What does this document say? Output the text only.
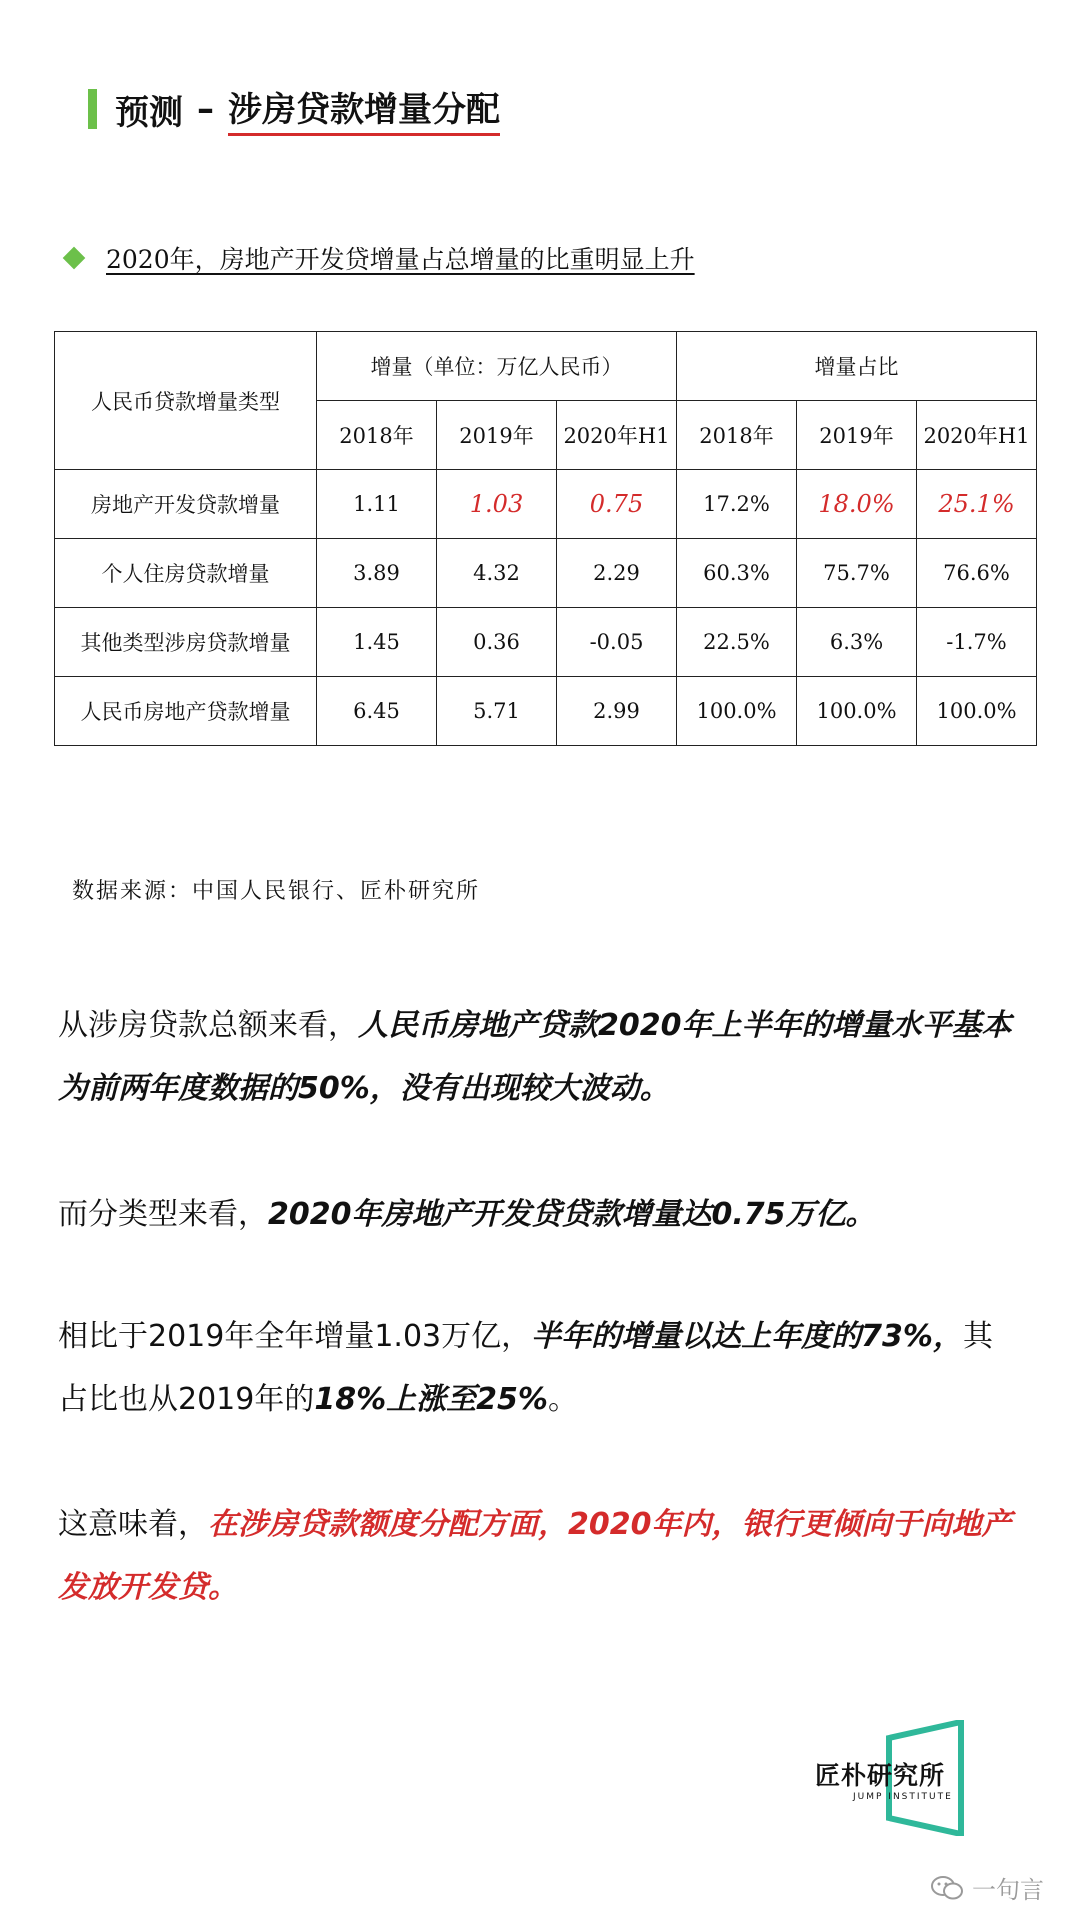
预测 – 涉房贷款增量分配
2020年，房地产开发贷增量占总增量的比重明显上升
人民币贷款增量类型	增量（单位：万亿人民币）			增量占比		
	2018年	2019年	2020年H1	2018年	2019年	2020年H1
房地产开发贷款增量	1.11	1.03	0.75	17.2%	18.0%	25.1%
个人住房贷款增量	3.89	4.32	2.29	60.3%	75.7%	76.6%
其他类型涉房贷款增量	1.45	0.36	-0.05	22.5%	6.3%	-1.7%
人民币房地产贷款增量	6.45	5.71	2.99	100.0%	100.0%	100.0%
数据来源：中国人民银行、匠朴研究所
从涉房贷款总额来看，人民币房地产贷款2020年上半年的增量水平基本为前两年度数据的50%，没有出现较大波动。
而分类型来看，2020年房地产开发贷贷款增量达0.75万亿。
相比于2019年全年增量1.03万亿，半年的增量以达上年度的73%，其占比也从2019年的18%上涨至25%。
这意味着，在涉房贷款额度分配方面，2020年内，银行更倾向于向地产发放开发贷。
匠朴研究所
JUMP INSTITUTE
一句言
